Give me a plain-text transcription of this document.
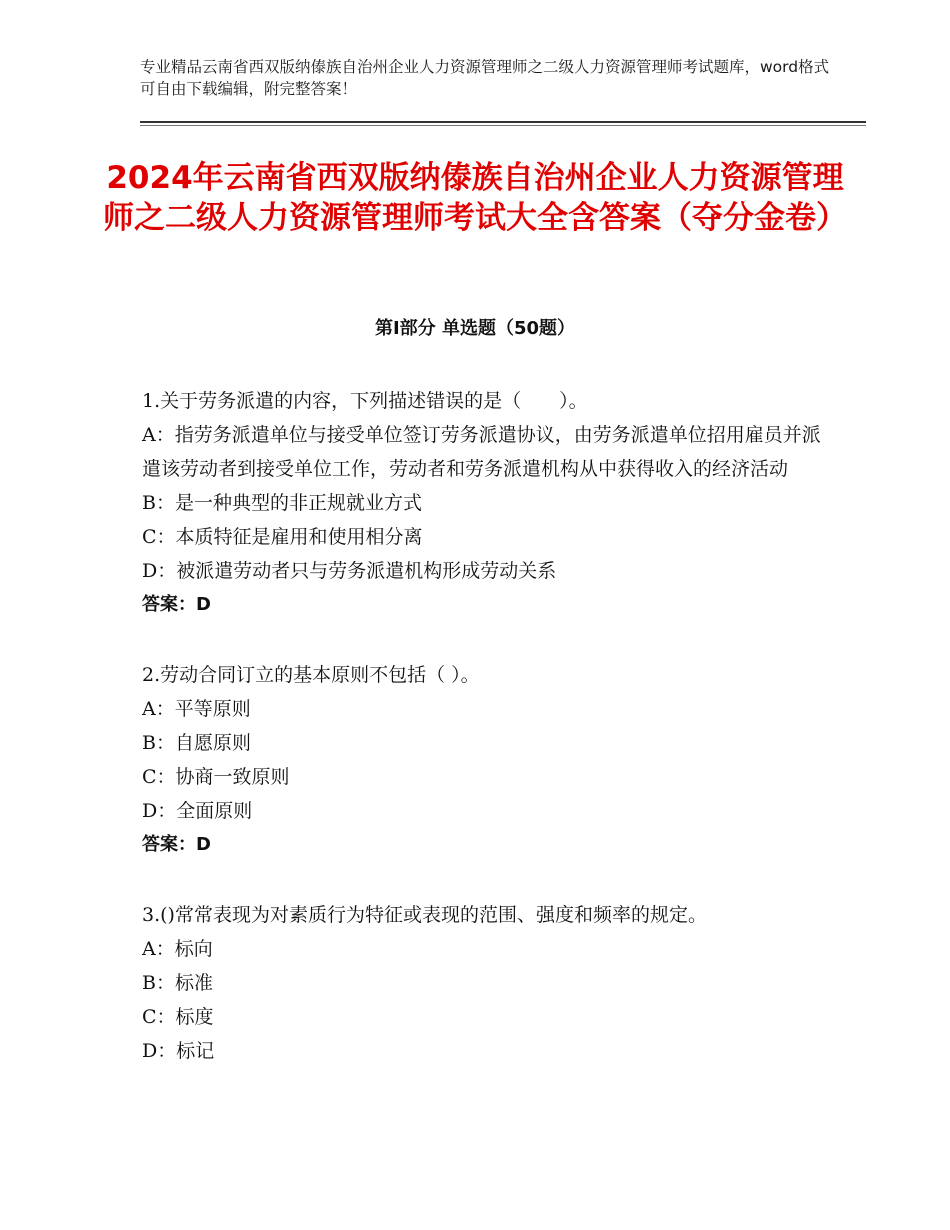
专业精品云南省西双版纳傣族自治州企业人力资源管理师之二级人力资源管理师考试题库，word格式可自由下载编辑，附完整答案！
2024年云南省西双版纳傣族自治州企业人力资源管理师之二级人力资源管理师考试大全含答案（夺分金卷）
第Ⅰ部分 单选题（50题）

1.关于劳务派遣的内容，下列描述错误的是（　　）。

A：指劳务派遣单位与接受单位签订劳务派遣协议，由劳务派遣单位招用雇员并派遣该劳动者到接受单位工作，劳动者和劳务派遣机构从中获得收入的经济活动

B：是一种典型的非正规就业方式

C：本质特征是雇用和使用相分离

D：被派遣劳动者只与劳务派遣机构形成劳动关系

答案：D

2.劳动合同订立的基本原则不包括（ ）。

A：平等原则

B：自愿原则

C：协商一致原则

D：全面原则

答案：D

3.()常常表现为对素质行为特征或表现的范围、强度和频率的规定。

A：标向

B：标准

C：标度

D：标记
